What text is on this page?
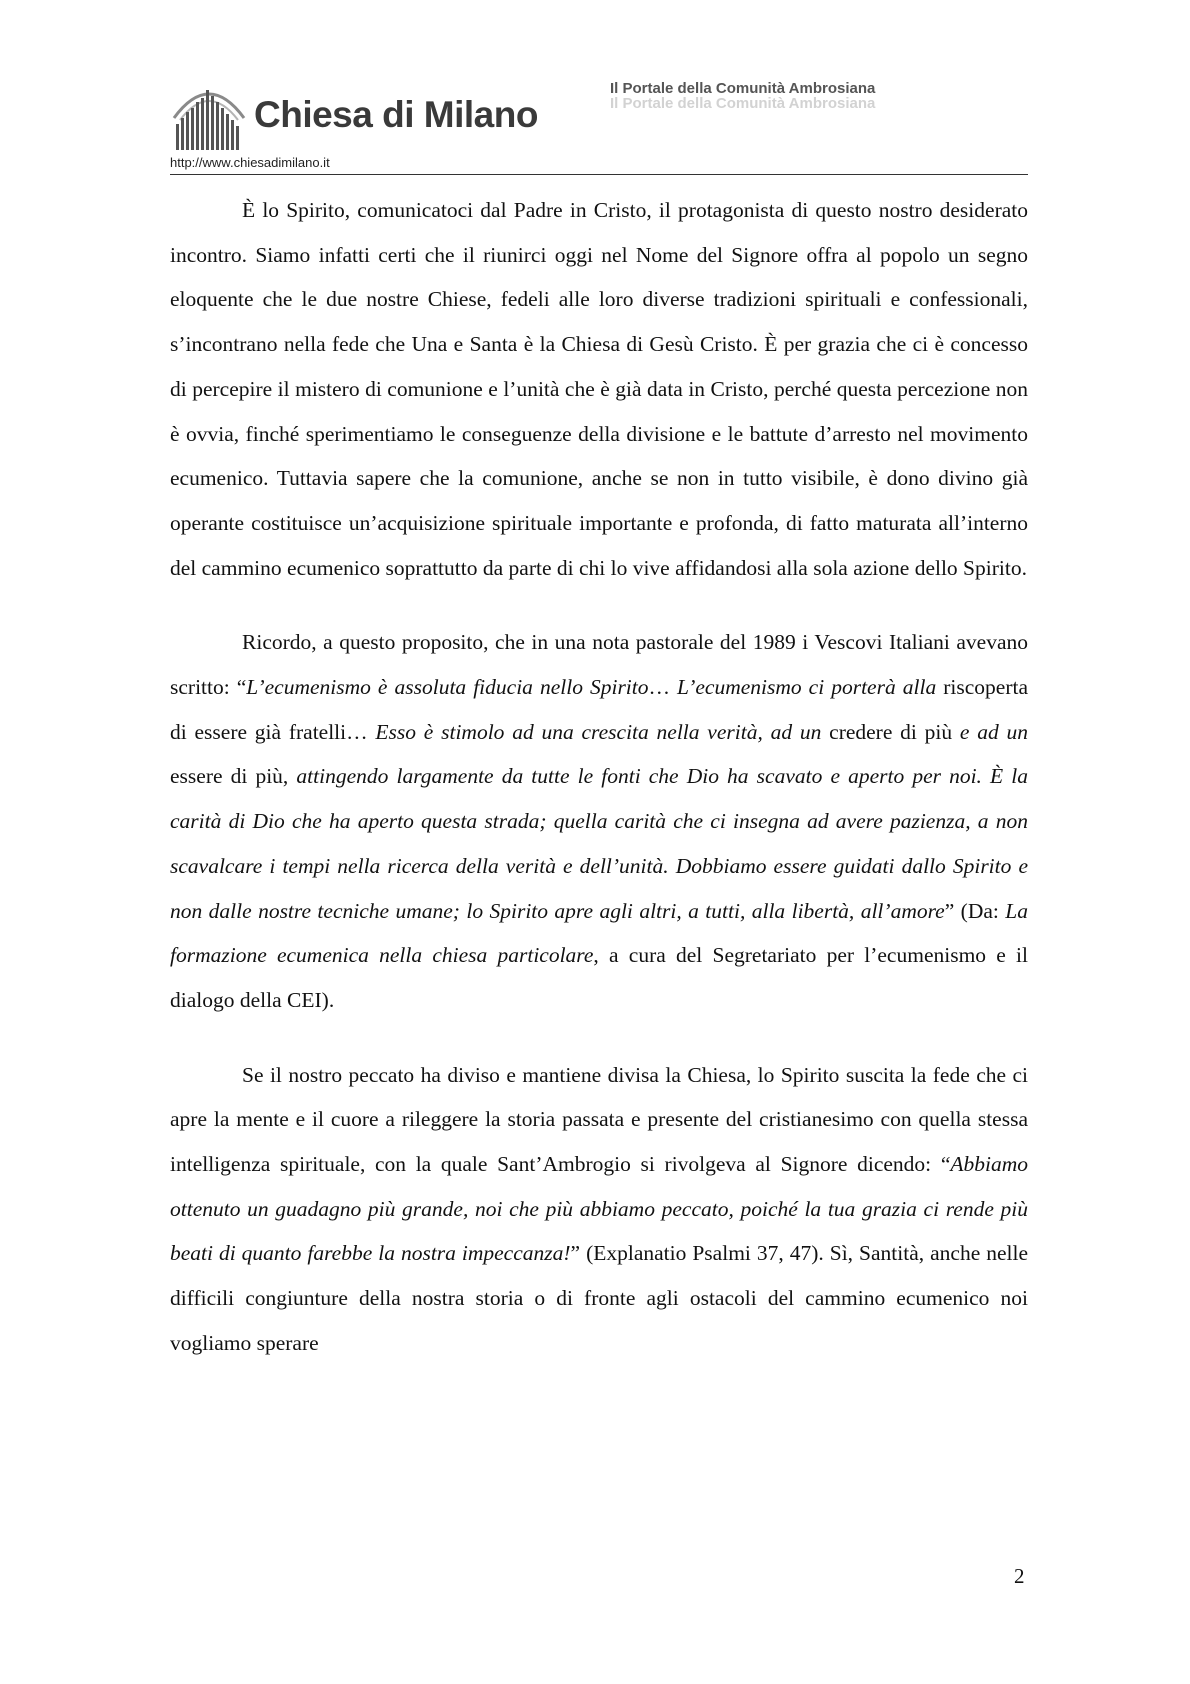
Chiesa di Milano
Il Portale della Comunità Ambrosiana
Il Portale della Comunità Ambrosiana
http://www.chiesadimilano.it

È lo Spirito, comunicatoci dal Padre in Cristo, il protagonista di questo nostro desiderato incontro. Siamo infatti certi che il riunirci oggi nel Nome del Signore offra al popolo un segno eloquente che le due nostre Chiese, fedeli alle loro diverse tradizioni spirituali e confessionali, s’incontrano nella fede che Una e Santa è la Chiesa di Gesù Cristo. È per grazia che ci è concesso di percepire il mistero di comunione e l’unità che è già data in Cristo, perché questa percezione non è ovvia, finché sperimentiamo le conseguenze della divisione e le battute d’arresto nel movimento ecumenico. Tuttavia sapere che la comunione, anche se non in tutto visibile, è dono divino già operante costituisce un’acquisizione spirituale importante e profonda, di fatto maturata all’interno del cammino ecumenico soprattutto da parte di chi lo vive affidandosi alla sola azione dello Spirito.

Ricordo, a questo proposito, che in una nota pastorale del 1989 i Vescovi Italiani avevano scritto: “L’ecumenismo è assoluta fiducia nello Spirito… L’ecumenismo ci porterà alla riscoperta di essere già fratelli… Esso è stimolo ad una crescita nella verità, ad un credere di più e ad un essere di più, attingendo largamente da tutte le fonti che Dio ha scavato e aperto per noi. È la carità di Dio che ha aperto questa strada; quella carità che ci insegna ad avere pazienza, a non scavalcare i tempi nella ricerca della verità e dell’unità. Dobbiamo essere guidati dallo Spirito e non dalle nostre tecniche umane; lo Spirito apre agli altri, a tutti, alla libertà, all’amore” (Da: La formazione ecumenica nella chiesa particolare, a cura del Segretariato per l’ecumenismo e il dialogo della CEI).

Se il nostro peccato ha diviso e mantiene divisa la Chiesa, lo Spirito suscita la fede che ci apre la mente e il cuore a rileggere la storia passata e presente del cristianesimo con quella stessa intelligenza spirituale, con la quale Sant’Ambrogio si rivolgeva al Signore dicendo: “Abbiamo ottenuto un guadagno più grande, noi che più abbiamo peccato, poiché la tua grazia ci rende più beati di quanto farebbe la nostra impeccanza!” (Explanatio Psalmi 37, 47). Sì, Santità, anche nelle difficili congiunture della nostra storia o di fronte agli ostacoli del cammino ecumenico noi vogliamo sperare

2
